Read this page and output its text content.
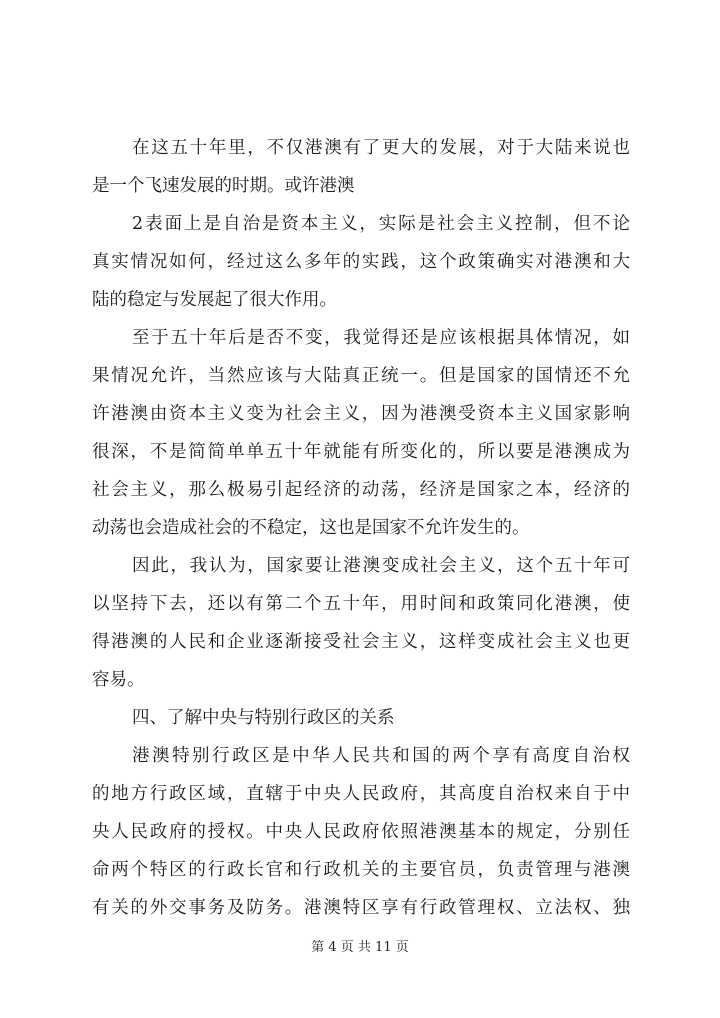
在这五十年里，不仅港澳有了更大的发展，对于大陆来说也
是一个飞速发展的时期。或许港澳
2表面上是自治是资本主义，实际是社会主义控制，但不论
真实情况如何，经过这么多年的实践，这个政策确实对港澳和大
陆的稳定与发展起了很大作用。
至于五十年后是否不变，我觉得还是应该根据具体情况，如
果情况允许，当然应该与大陆真正统一。但是国家的国情还不允
许港澳由资本主义变为社会主义，因为港澳受资本主义国家影响
很深，不是简简单单五十年就能有所变化的，所以要是港澳成为
社会主义，那么极易引起经济的动荡，经济是国家之本，经济的
动荡也会造成社会的不稳定，这也是国家不允许发生的。
因此，我认为，国家要让港澳变成社会主义，这个五十年可
以坚持下去，还以有第二个五十年，用时间和政策同化港澳，使
得港澳的人民和企业逐渐接受社会主义，这样变成社会主义也更
容易。
四、了解中央与特别行政区的关系
港澳特别行政区是中华人民共和国的两个享有高度自治权
的地方行政区域，直辖于中央人民政府，其高度自治权来自于中
央人民政府的授权。中央人民政府依照港澳基本的规定，分别任
命两个特区的行政长官和行政机关的主要官员，负责管理与港澳
有关的外交事务及防务。港澳特区享有行政管理权、立法权、独
第 4 页 共 11 页
